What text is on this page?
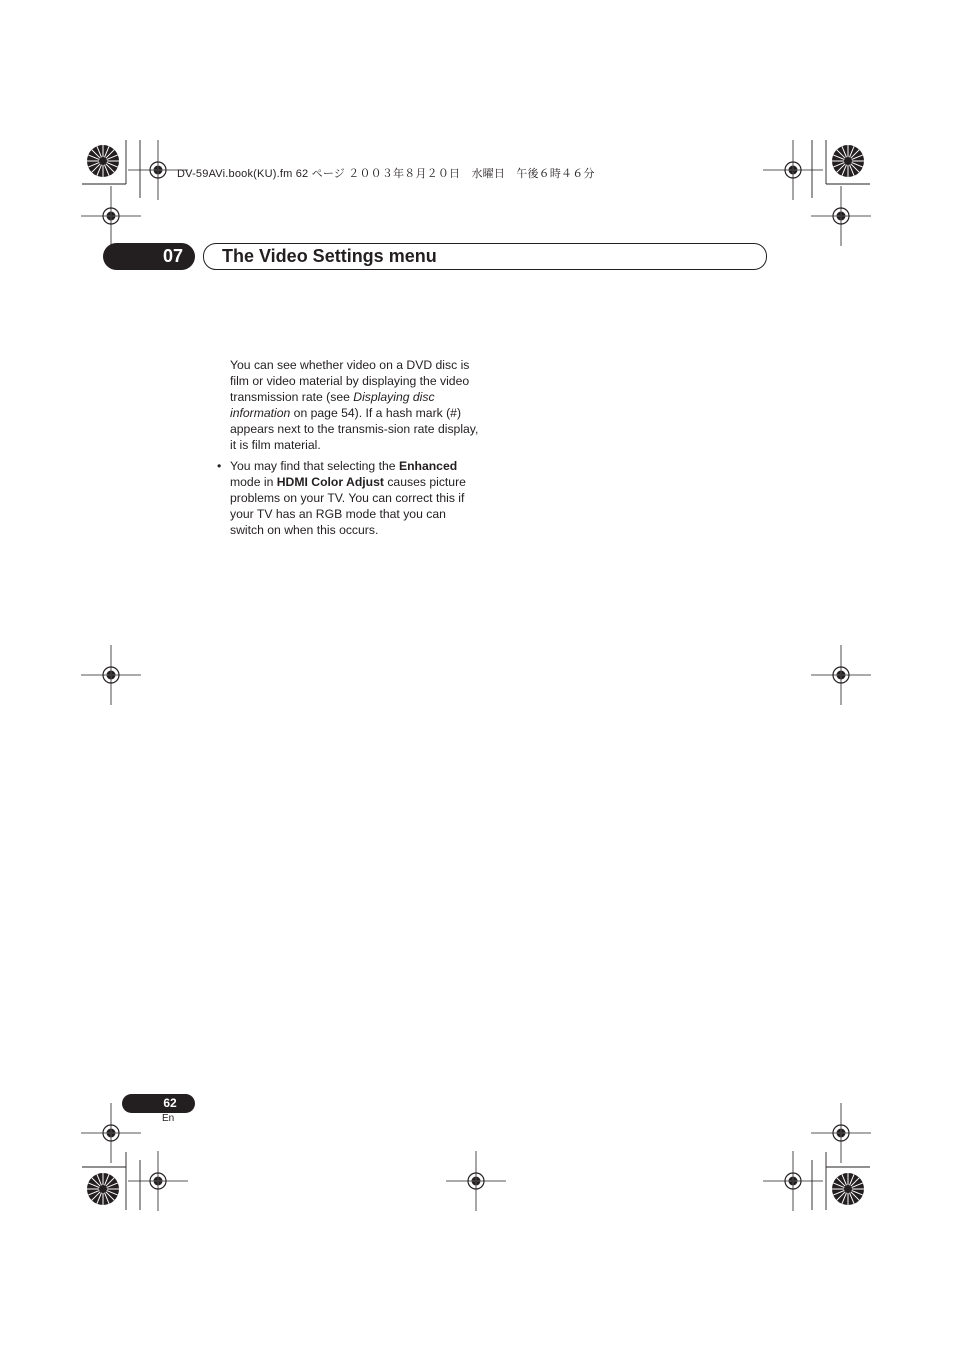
DV-59AVi.book(KU).fm 62 ページ ２００３年８月２０日　水曜日　午後６時４６分
07	The Video Settings menu

You can see whether video on a DVD disc is film or video material by displaying the video transmission rate (see Displaying disc information on page 54). If a hash mark (#) appears next to the transmis-sion rate display, it is film material.

• You may find that selecting the Enhanced mode in HDMI Color Adjust causes picture problems on your TV. You can correct this if your TV has an RGB mode that you can switch on when this occurs.
62
En
